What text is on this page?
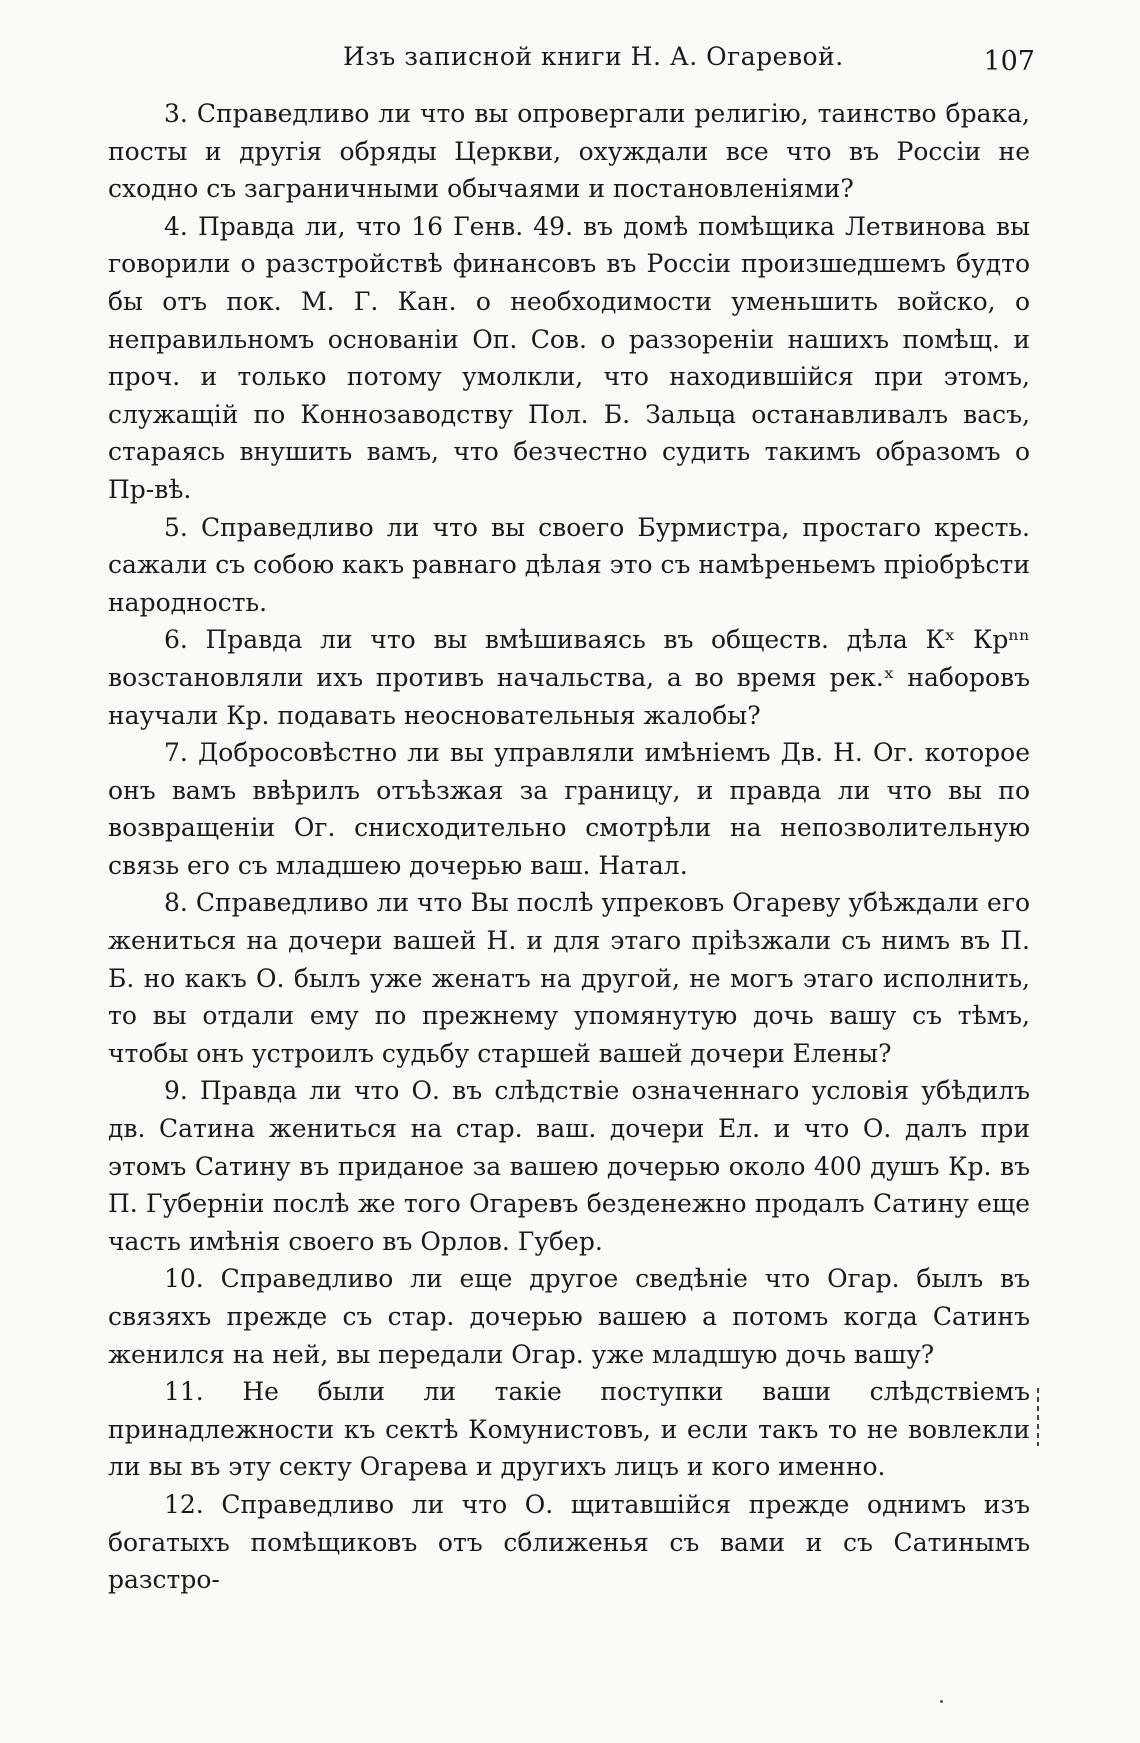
Изъ записной книги Н. А. Огаревой.	107

3. Справедливо ли что вы опровергали религію, таинство брака, посты и другія обряды Церкви, охуждали все что въ Россіи не сходно съ заграничными обычаями и постановленіями?

4. Правда ли, что 16 Генв. 49. въ домѣ помѣщика Летвинова вы говорили о разстройствѣ финансовъ въ Россіи произшедшемъ будто бы отъ пок. М. Г. Кан. о необходимости уменьшить войско, о неправильномъ основаніи Оп. Сов. о раззореніи нашихъ помѣщ. и проч. и только потому умолкли, что находившійся при этомъ, служащій по Коннозаводству Пол. Б. Зальца останавливалъ васъ, стараясь внушить вамъ, что безчестно судить такимъ образомъ о Пр-вѣ.

5. Справедливо ли что вы своего Бурмистра, простаго кресть. сажали съ собою какъ равнаго дѣлая это съ намѣреньемъ пріобрѣсти народность.

6. Правда ли что вы вмѣшиваясь въ обществ. дѣла Кˣ Крⁿⁿ возстановляли ихъ противъ начальства, а во время рек.ˣ наборовъ научали Кр. подавать неосновательныя жалобы?

7. Добросовѣстно ли вы управляли имѣніемъ Дв. Н. Ог. которое онъ вамъ ввѣрилъ отъѣзжая за границу, и правда ли что вы по возвращеніи Ог. снисходительно смотрѣли на непозволительную связь его съ младшею дочерью ваш. Натал.

8. Справедливо ли что Вы послѣ упрековъ Огареву убѣждали его жениться на дочери вашей Н. и для этаго пріѣзжали съ нимъ въ П. Б. но какъ О. былъ уже женатъ на другой, не могъ этаго исполнить, то вы отдали ему по прежнему упомянутую дочь вашу съ тѣмъ, чтобы онъ устроилъ судьбу старшей вашей дочери Елены?

9. Правда ли что О. въ слѣдствіе означеннаго условія убѣдилъ дв. Сатина жениться на стар. ваш. дочери Ел. и что О. далъ при этомъ Сатину въ приданое за вашею дочерью около 400 душъ Кр. въ П. Губерніи послѣ же того Огаревъ безденежно продалъ Сатину еще часть имѣнія своего въ Орлов. Губер.

10. Справедливо ли еще другое сведѣніе что Огар. былъ въ связяхъ прежде съ стар. дочерью вашею а потомъ когда Сатинъ женился на ней, вы передали Огар. уже младшую дочь вашу?

11. Не были ли такіе поступки ваши слѣдствіемъ принадлежности къ сектѣ Комунистовъ, и если такъ то не вовлекли ли вы въ эту секту Огарева и другихъ лицъ и кого именно.

12. Справедливо ли что О. щитавшійся прежде однимъ изъ богатыхъ помѣщиковъ отъ сближенья съ вами и съ Сатинымъ разстро-
